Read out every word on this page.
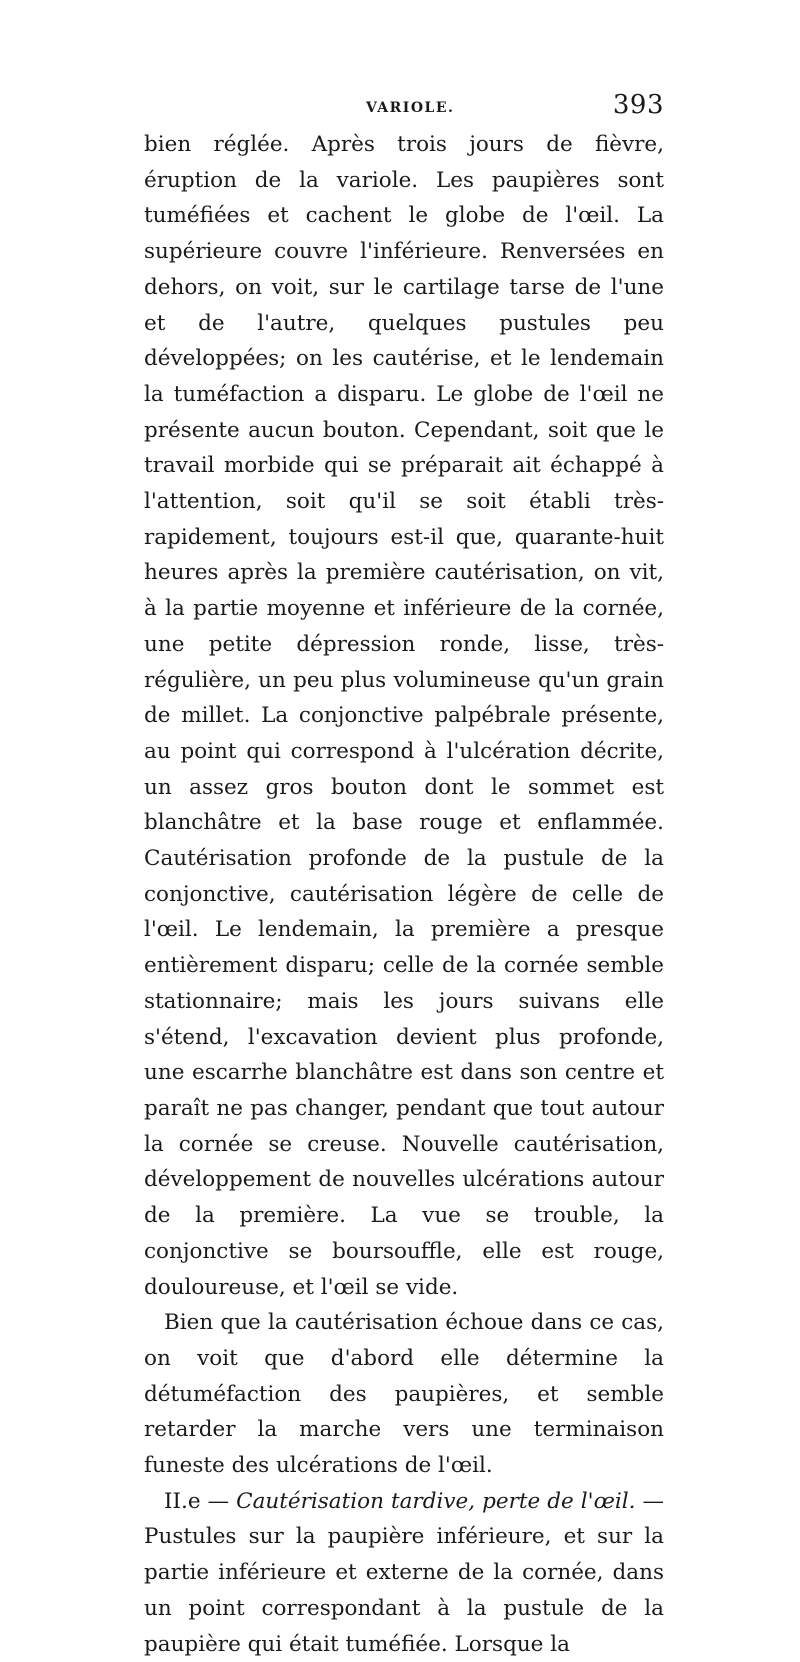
VARIOLE.	393

bien réglée. Après trois jours de fièvre, éruption de la variole. Les paupières sont tuméfiées et cachent le globe de l'œil. La supérieure couvre l'inférieure. Renversées en dehors, on voit, sur le cartilage tarse de l'une et de l'autre, quelques pustules peu développées; on les cautérise, et le lendemain la tuméfaction a disparu. Le globe de l'œil ne présente aucun bouton. Cependant, soit que le travail morbide qui se préparait ait échappé à l'attention, soit qu'il se soit établi très-rapidement, toujours est-il que, quarante-huit heures après la première cautérisation, on vit, à la partie moyenne et inférieure de la cornée, une petite dépression ronde, lisse, très-régulière, un peu plus volumineuse qu'un grain de millet. La conjonctive palpébrale présente, au point qui correspond à l'ulcération décrite, un assez gros bouton dont le sommet est blanchâtre et la base rouge et enflammée. Cautérisation profonde de la pustule de la conjonctive, cautérisation légère de celle de l'œil. Le lendemain, la première a presque entièrement disparu; celle de la cornée semble stationnaire; mais les jours suivans elle s'étend, l'excavation devient plus profonde, une escarrhe blanchâtre est dans son centre et paraît ne pas changer, pendant que tout autour la cornée se creuse. Nouvelle cautérisation, développement de nouvelles ulcérations autour de la première. La vue se trouble, la conjonctive se boursouffle, elle est rouge, douloureuse, et l'œil se vide.

Bien que la cautérisation échoue dans ce cas, on voit que d'abord elle détermine la détuméfaction des paupières, et semble retarder la marche vers une terminaison funeste des ulcérations de l'œil.

II.e — Cautérisation tardive, perte de l'œil. — Pustules sur la paupière inférieure, et sur la partie inférieure et externe de la cornée, dans un point correspondant à la pustule de la paupière qui était tuméfiée. Lorsque la
